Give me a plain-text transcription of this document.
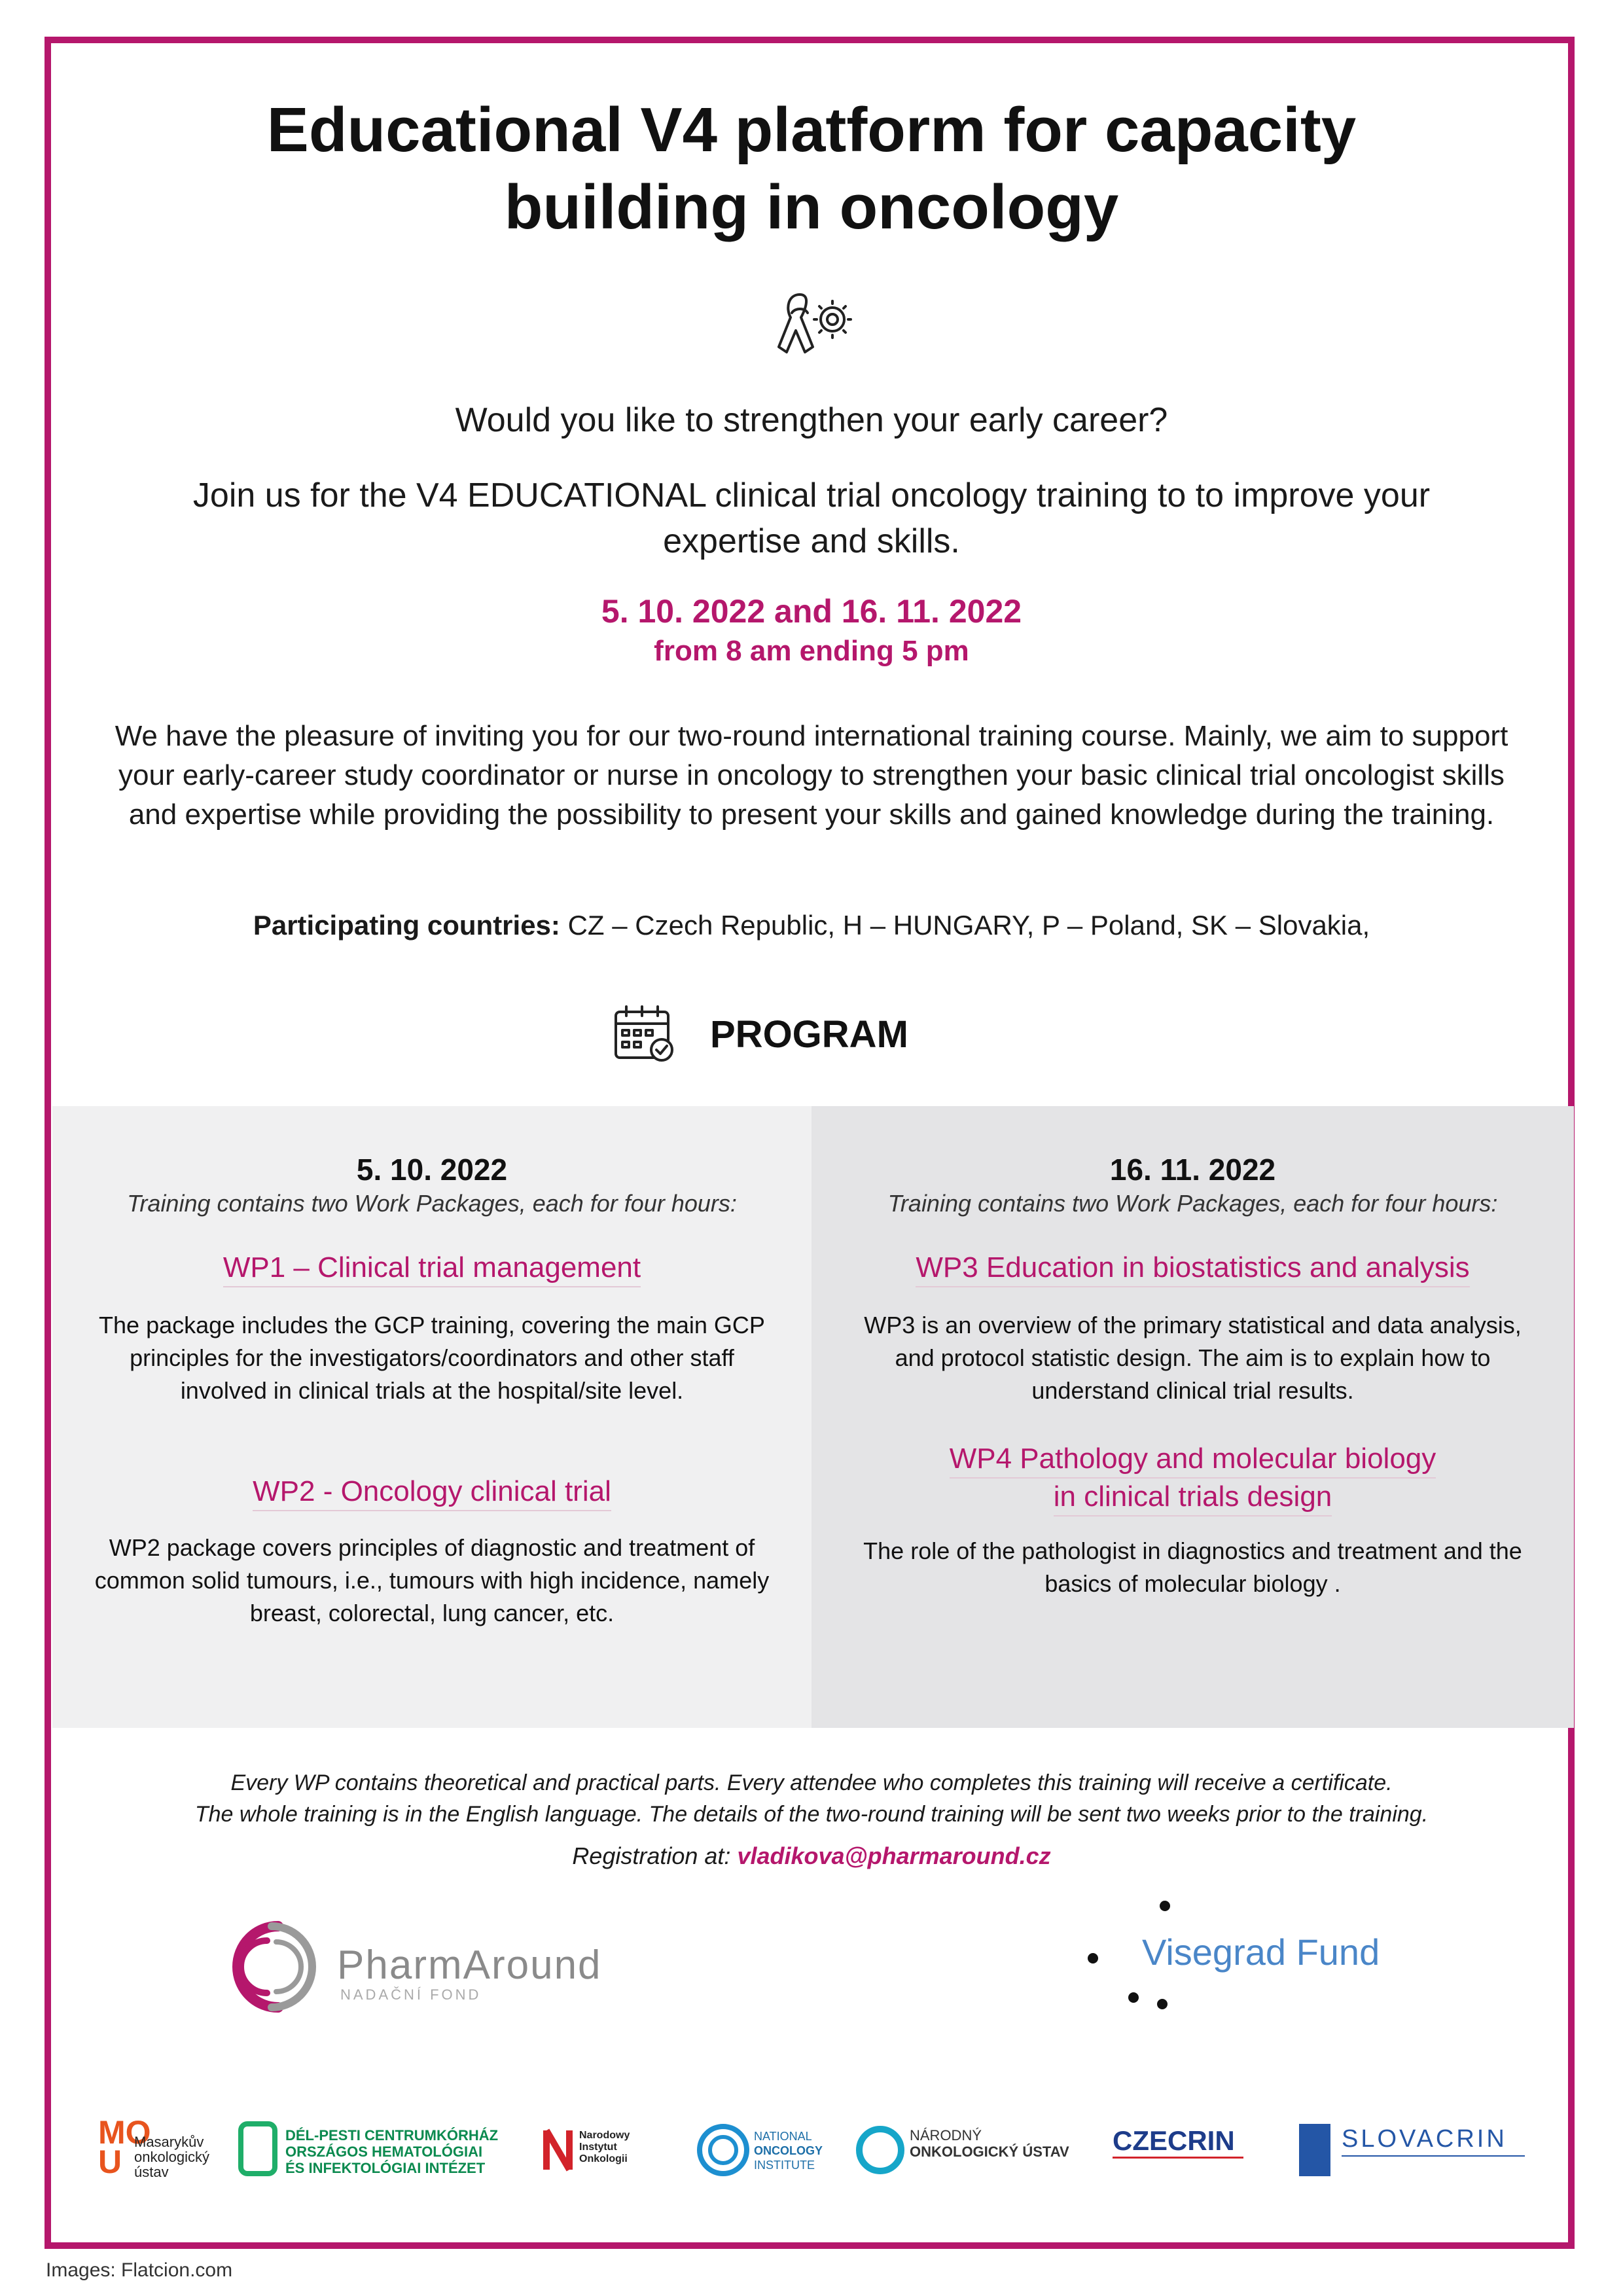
Educational V4 platform for capacity
building in oncology
Would you like to strengthen your early career?
Join us for the V4 EDUCATIONAL clinical trial oncology training to to improve your expertise and skills.
5. 10. 2022 and 16. 11. 2022
from 8 am ending 5 pm
We have the pleasure of inviting you for our two-round international training course. Mainly, we aim to support your early-career study coordinator or nurse in oncology to strengthen your basic clinical trial oncologist skills and expertise while providing the possibility to present your skills and gained knowledge during the training.
Participating countries: CZ – Czech Republic, H – HUNGARY, P – Poland, SK – Slovakia,
PROGRAM
5. 10. 2022
Training contains two Work Packages, each for four hours:
WP1 – Clinical trial management
The package includes the GCP training, covering the main GCP principles for the investigators/coordinators and other staff involved in clinical trials at the hospital/site level.
WP2 - Oncology clinical trial
WP2 package covers principles of diagnostic and treatment of common solid tumours, i.e., tumours with high incidence, namely breast, colorectal, lung cancer, etc.
16. 11. 2022
Training contains two Work Packages, each for four hours:
WP3 Education in biostatistics and analysis
WP3 is an overview of the primary statistical and data analysis, and protocol statistic design. The aim is to explain how to understand clinical trial results.
WP4 Pathology and molecular biology
in clinical trials design
The role of the pathologist in diagnostics and treatment and the basics of molecular biology .
Every WP contains theoretical and practical parts. Every attendee who completes this training will receive a certificate.
The whole training is in the English language. The details of the two-round training will be sent two weeks prior to the training.
Registration at: vladikova@pharmaround.cz
PharmAround
NADAČNÍ FOND
Visegrad Fund
MO
U
Masarykův
onkologický
ústav
DÉL-PESTI CENTRUMKÓRHÁZ
ORSZÁGOS HEMATOLÓGIAI
ÉS INFEKTOLÓGIAI INTÉZET
Narodowy
Instytut
Onkologii
NATIONAL
ONCOLOGY
INSTITUTE
NÁRODNÝ
ONKOLOGICKÝ ÚSTAV CZECRIN	SLOVACRIN
Images: Flatcion.com
